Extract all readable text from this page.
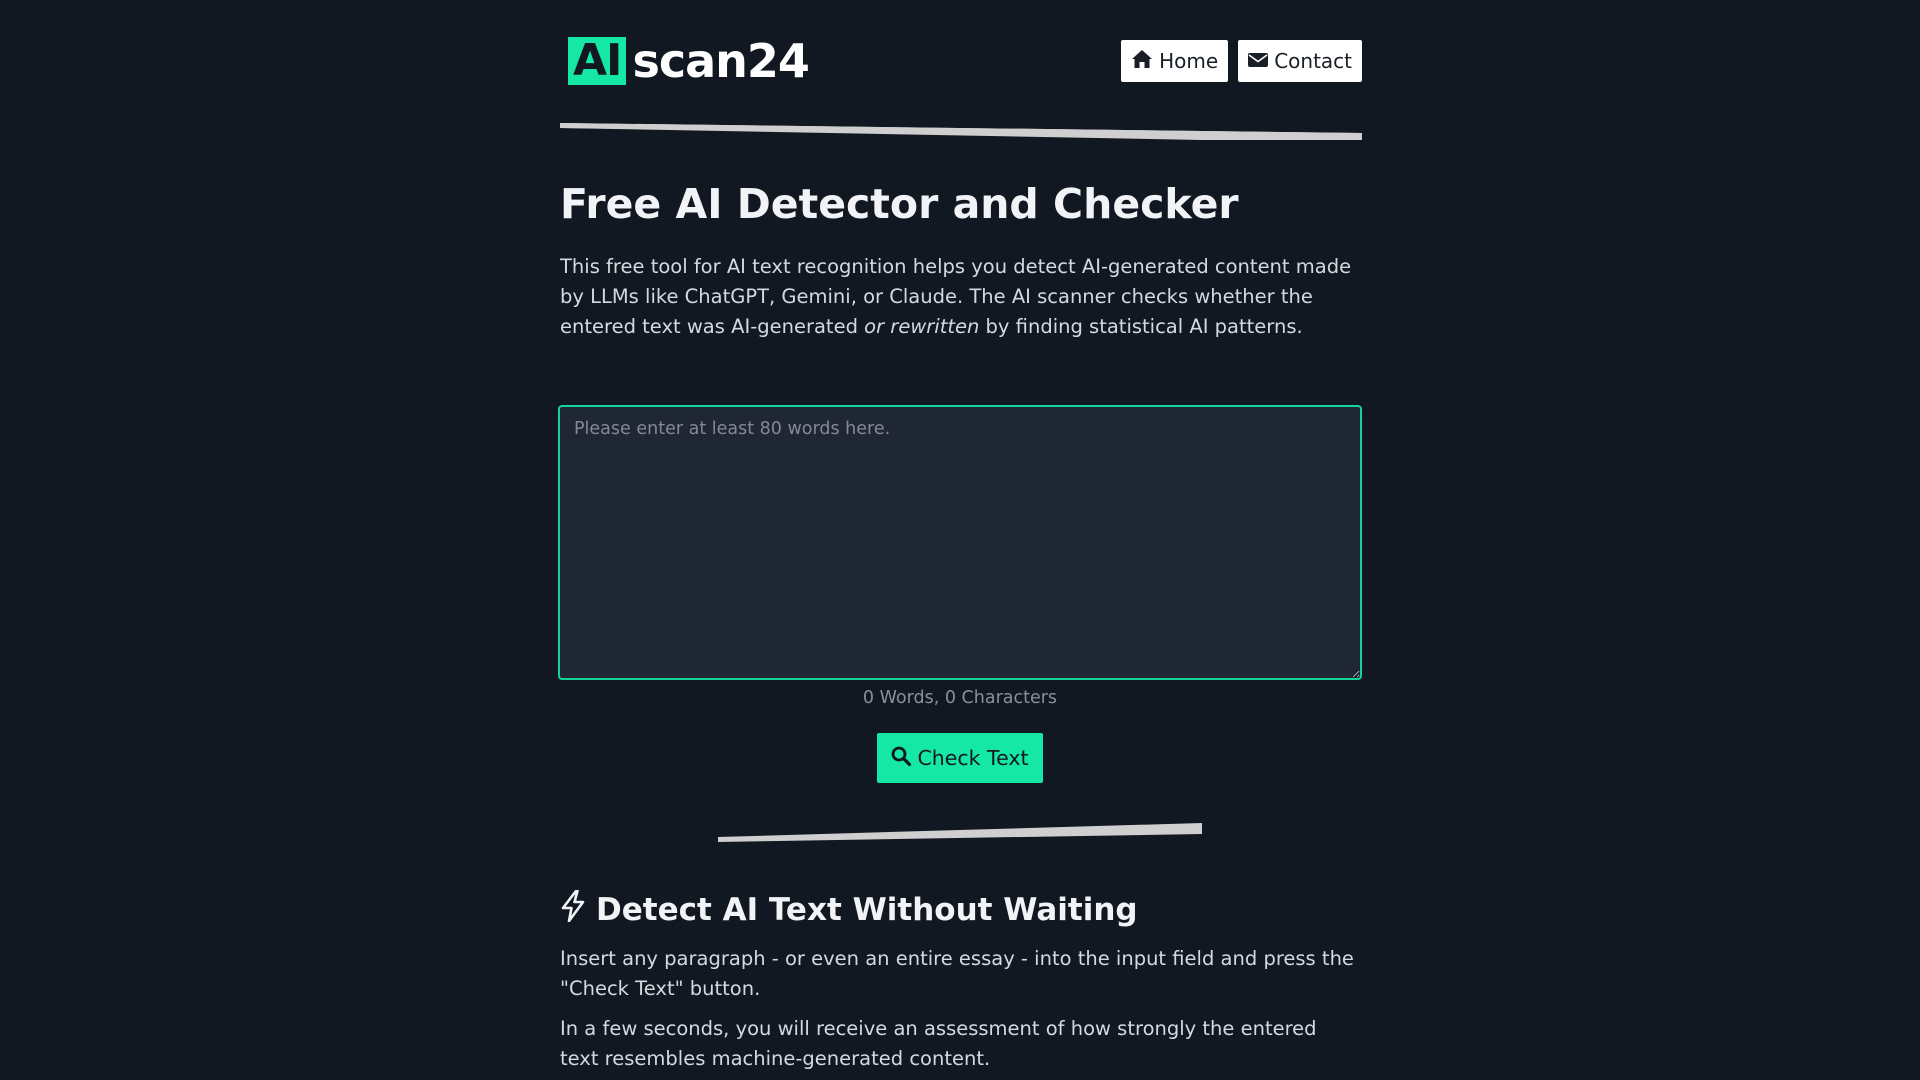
AI scan24	Home	Contact
Free AI Detector and Checker

This free tool for AI text recognition helps you detect AI-generated content made by LLMs like ChatGPT, Gemini, or Claude. The AI scanner checks whether the entered text was AI-generated or rewritten by finding statistical AI patterns.

Please enter at least 80 words here.
0 Words, 0 Characters
Check Text
Detect AI Text Without Waiting

Insert any paragraph - or even an entire essay - into the input field and press the "Check Text" button.

In a few seconds, you will receive an assessment of how strongly the entered text resembles machine-generated content.
